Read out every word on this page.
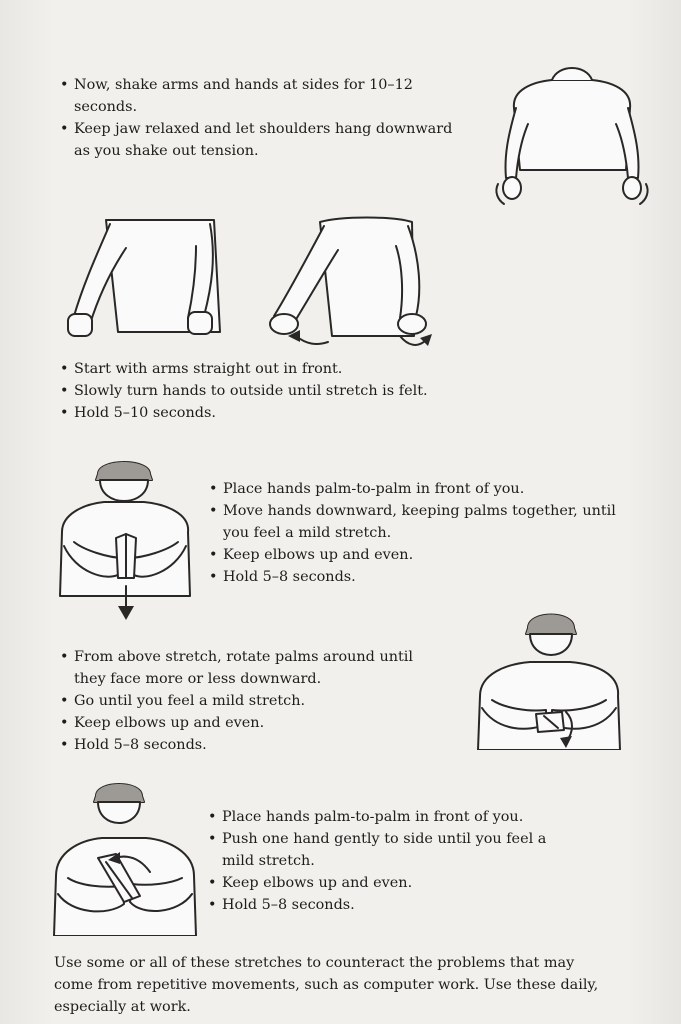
• Now, shake arms and hands at sides for 10–12
seconds.
• Keep jaw relaxed and let shoulders hang downward
as you shake out tension.
• Start with arms straight out in front.
• Slowly turn hands to outside until stretch is felt.
• Hold 5–10 seconds.
• Place hands palm-to-palm in front of you.
• Move hands downward, keeping palms together, until
you feel a mild stretch.
• Keep elbows up and even.
• Hold 5–8 seconds.
• From above stretch, rotate palms around until
they face more or less downward.
• Go until you feel a mild stretch.
• Keep elbows up and even.
• Hold 5–8 seconds.
• Place hands palm-to-palm in front of you.
• Push one hand gently to side until you feel a
mild stretch.
• Keep elbows up and even.
• Hold 5–8 seconds.
Use some or all of these stretches to counteract the problems that may
come from repetitive movements, such as computer work. Use these daily,
especially at work.
